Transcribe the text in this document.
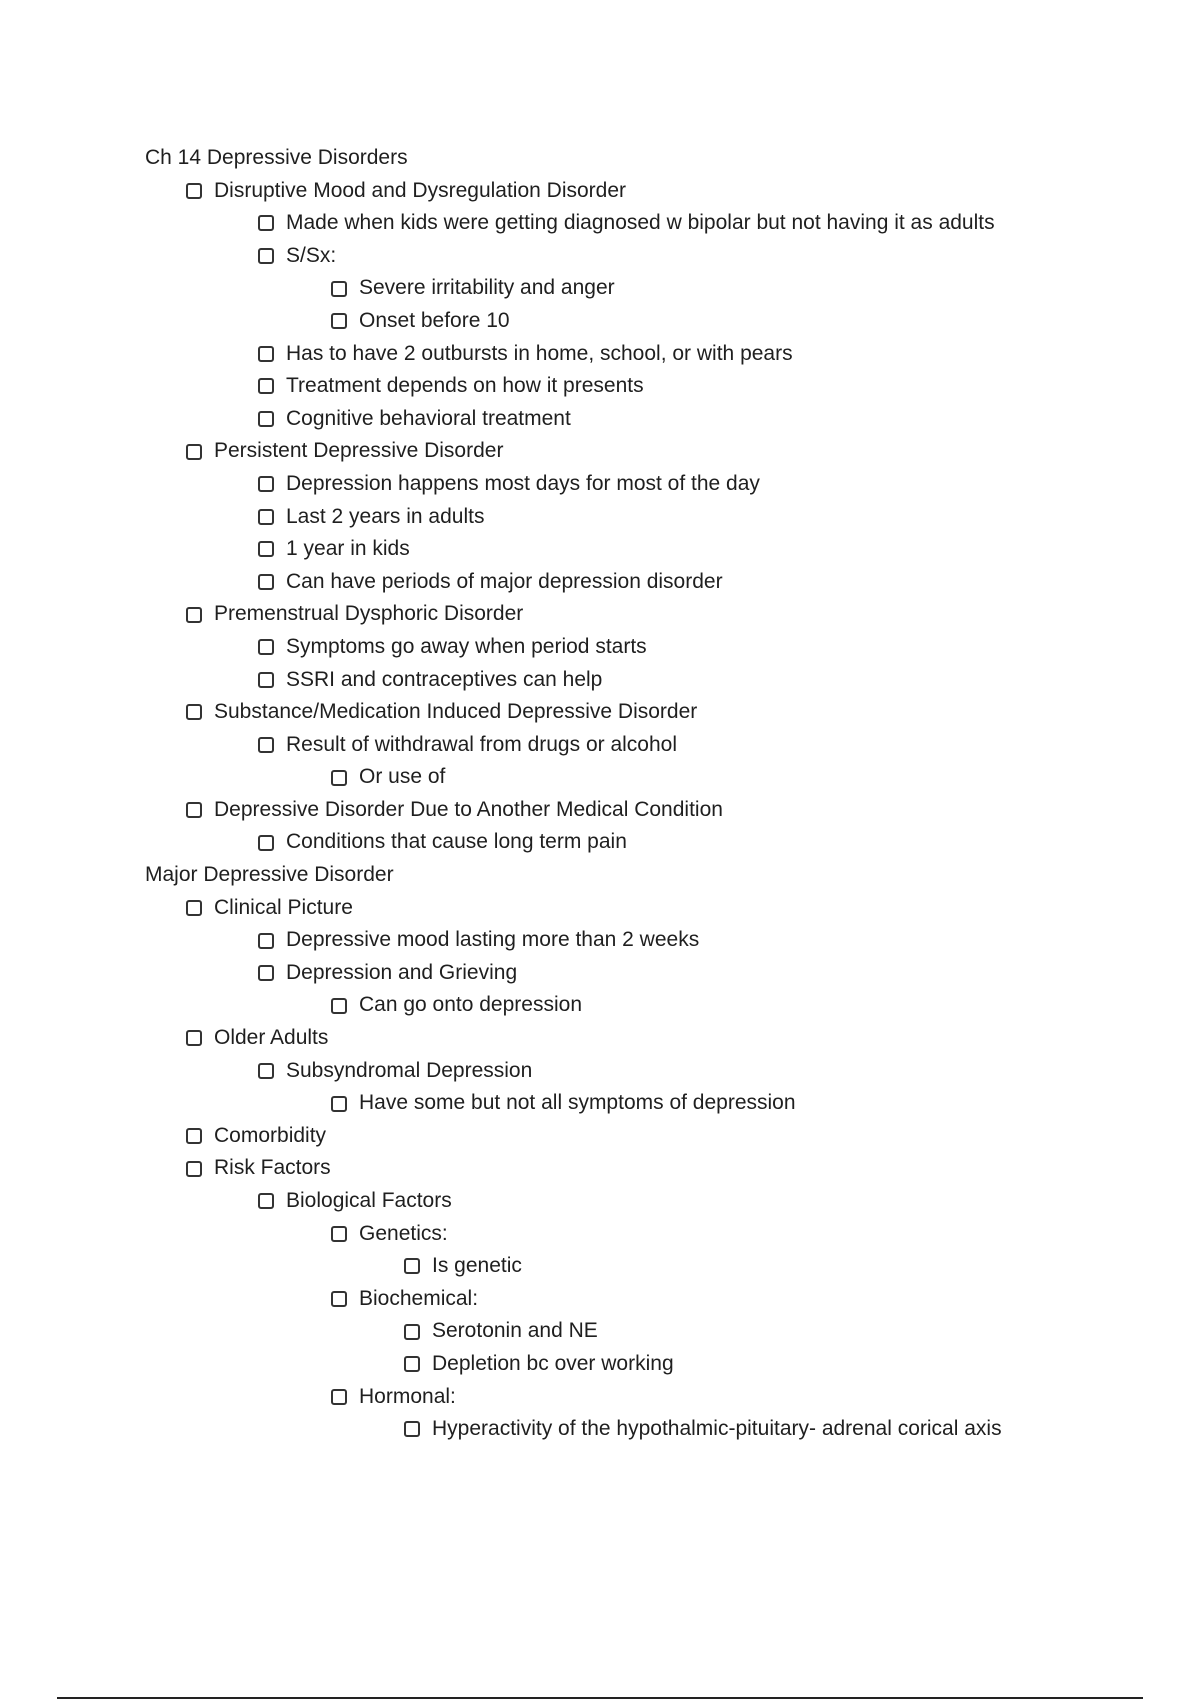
Ch 14 Depressive Disorders
Disruptive Mood and Dysregulation Disorder
Made when kids were getting diagnosed w bipolar but not having it as adults
S/Sx:
Severe irritability and anger
Onset before 10
Has to have 2 outbursts in home, school, or with pears
Treatment depends on how it presents
Cognitive behavioral treatment
Persistent Depressive Disorder
Depression happens most days for most of the day
Last 2 years in adults
1 year in kids
Can have periods of major depression disorder
Premenstrual Dysphoric Disorder
Symptoms go away when period starts
SSRI and contraceptives can help
Substance/Medication Induced Depressive Disorder
Result of withdrawal from drugs or alcohol
Or use of
Depressive Disorder Due to Another Medical Condition
Conditions that cause long term pain
Major Depressive Disorder
Clinical Picture
Depressive mood lasting more than 2 weeks
Depression and Grieving
Can go onto depression
Older Adults
Subsyndromal Depression
Have some but not all symptoms of depression
Comorbidity
Risk Factors
Biological Factors
Genetics:
Is genetic
Biochemical:
Serotonin and NE
Depletion bc over working
Hormonal:
Hyperactivity of the hypothalmic-pituitary- adrenal corical axis
